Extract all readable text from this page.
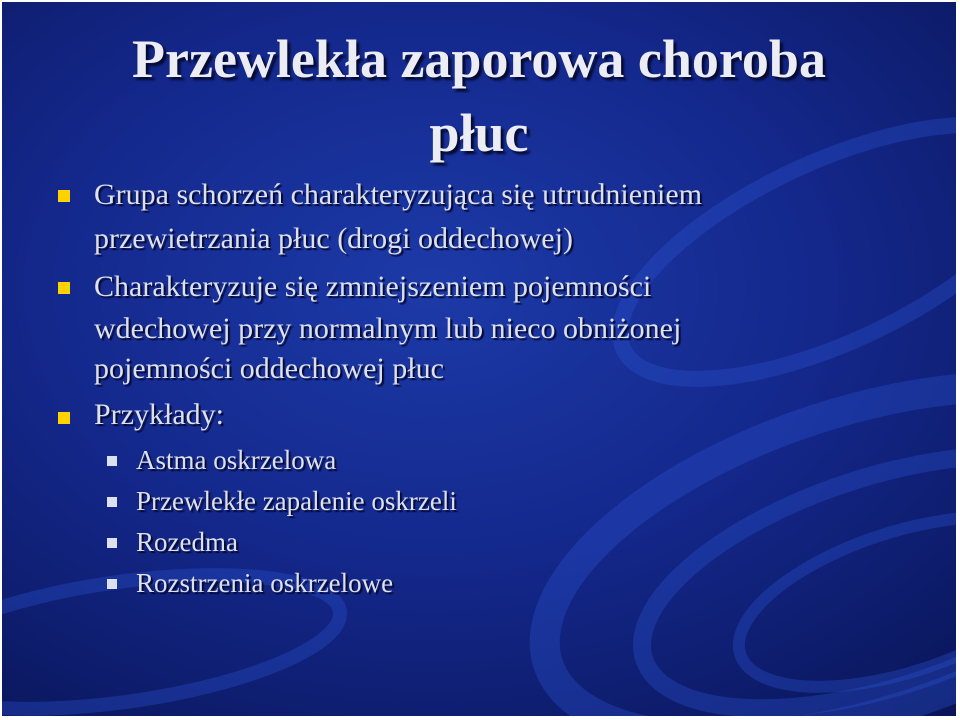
Przewlekła zaporowa choroba
płuc
Grupa schorzeń charakteryzująca się utrudnieniem
przewietrzania płuc (drogi oddechowej)
Charakteryzuje się zmniejszeniem pojemności
wdechowej przy normalnym lub nieco obniżonej
pojemności oddechowej płuc
Przykłady:
Astma oskrzelowa
Przewlekłe zapalenie oskrzeli
Rozedma
Rozstrzenia oskrzelowe
